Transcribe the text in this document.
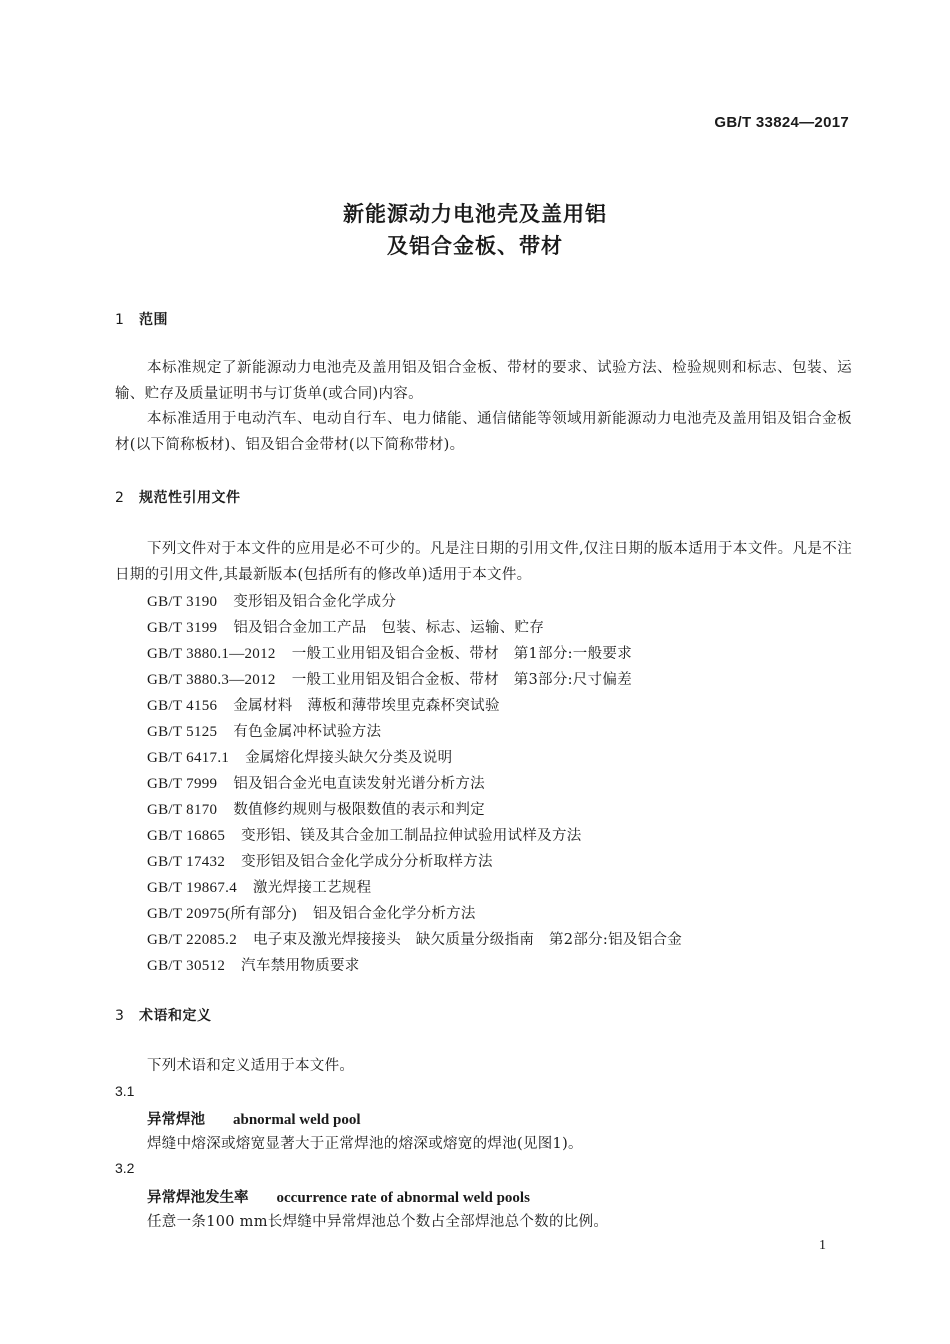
GB/T 33824—2017
新能源动力电池壳及盖用铝
及铝合金板、带材
1 范围
本标准规定了新能源动力电池壳及盖用铝及铝合金板、带材的要求、试验方法、检验规则和标志、包装、运输、贮存及质量证明书与订货单(或合同)内容。
本标准适用于电动汽车、电动自行车、电力储能、通信储能等领域用新能源动力电池壳及盖用铝及铝合金板材(以下简称板材)、铝及铝合金带材(以下简称带材)。
2 规范性引用文件
下列文件对于本文件的应用是必不可少的。凡是注日期的引用文件,仅注日期的版本适用于本文件。凡是不注日期的引用文件,其最新版本(包括所有的修改单)适用于本文件。
GB/T 3190 变形铝及铝合金化学成分
GB/T 3199 铝及铝合金加工产品　包装、标志、运输、贮存
GB/T 3880.1—2012 一般工业用铝及铝合金板、带材　第1部分:一般要求
GB/T 3880.3—2012 一般工业用铝及铝合金板、带材　第3部分:尺寸偏差
GB/T 4156 金属材料　薄板和薄带埃里克森杯突试验
GB/T 5125 有色金属冲杯试验方法
GB/T 6417.1 金属熔化焊接头缺欠分类及说明
GB/T 7999 铝及铝合金光电直读发射光谱分析方法
GB/T 8170 数值修约规则与极限数值的表示和判定
GB/T 16865 变形铝、镁及其合金加工制品拉伸试验用试样及方法
GB/T 17432 变形铝及铝合金化学成分分析取样方法
GB/T 19867.4 激光焊接工艺规程
GB/T 20975(所有部分) 铝及铝合金化学分析方法
GB/T 22085.2 电子束及激光焊接接头　缺欠质量分级指南　第2部分:铝及铝合金
GB/T 30512 汽车禁用物质要求
3 术语和定义
下列术语和定义适用于本文件。
3.1
异常焊池 abnormal weld pool
焊缝中熔深或熔宽显著大于正常焊池的熔深或熔宽的焊池(见图1)。
3.2
异常焊池发生率 occurrence rate of abnormal weld pools
任意一条100 mm长焊缝中异常焊池总个数占全部焊池总个数的比例。
1
